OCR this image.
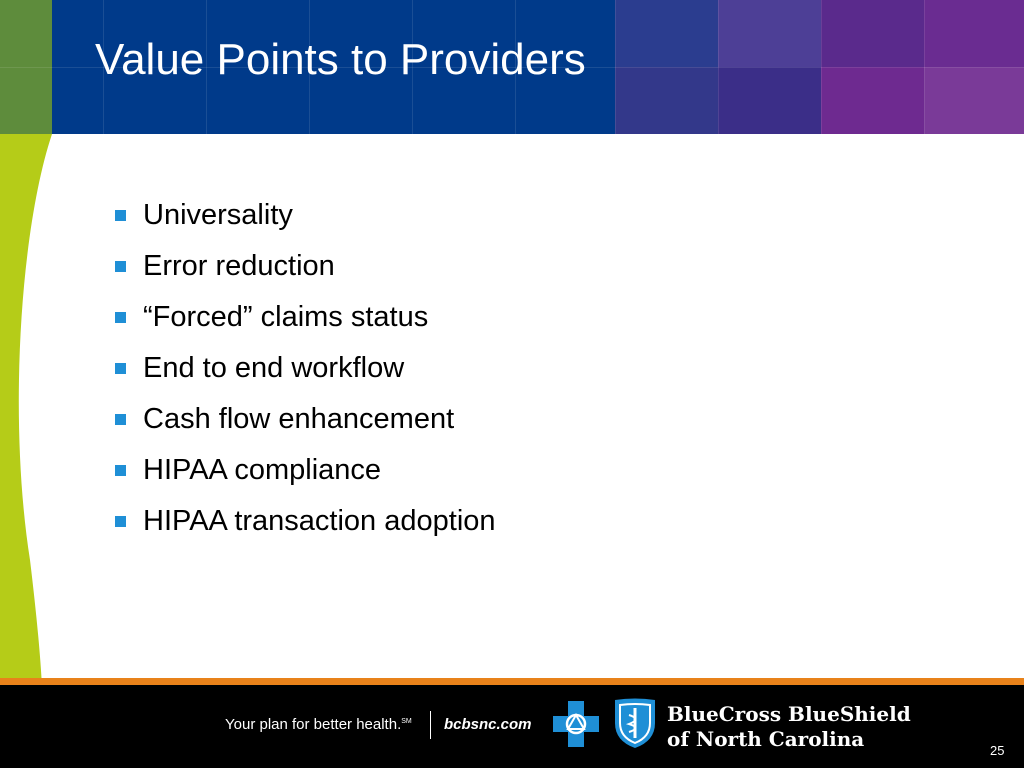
Value Points to Providers
Universality
Error reduction
“Forced” claims status
End to end workflow
Cash flow enhancement
HIPAA compliance
HIPAA transaction adoption
Your plan for better health.℠ bcbsnc.com	BlueCross BlueShield
of North Carolina	25
